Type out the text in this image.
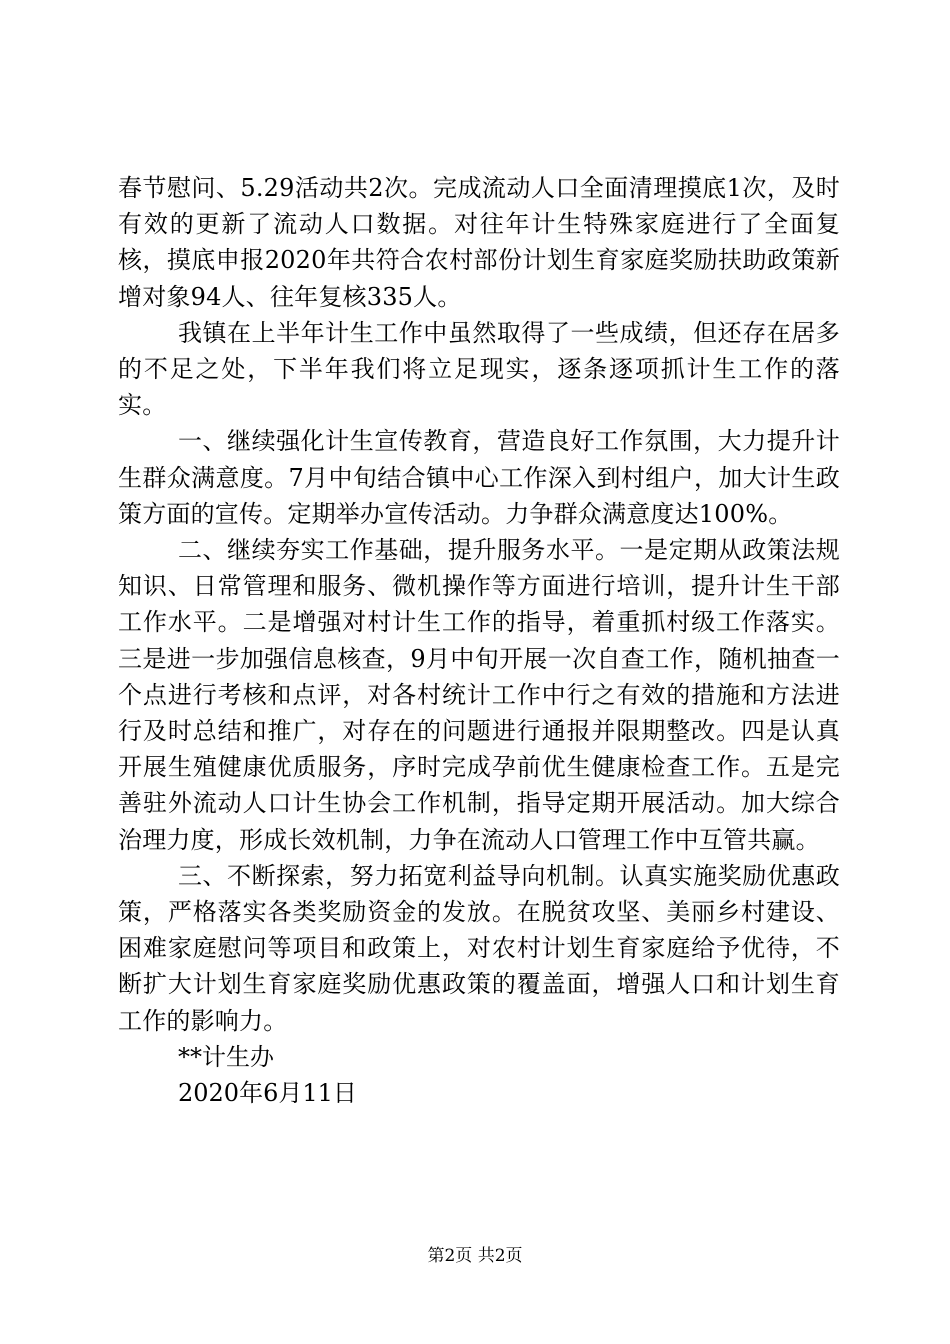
春节慰问、5.29活动共2次。完成流动人口全面清理摸底1次，及时有效的更新了流动人口数据。对往年计生特殊家庭进行了全面复核，摸底申报2020年共符合农村部份计划生育家庭奖励扶助政策新增对象94人、往年复核335人。

我镇在上半年计生工作中虽然取得了一些成绩，但还存在居多的不足之处，下半年我们将立足现实，逐条逐项抓计生工作的落实。

一、继续强化计生宣传教育，营造良好工作氛围，大力提升计生群众满意度。7月中旬结合镇中心工作深入到村组户，加大计生政策方面的宣传。定期举办宣传活动。力争群众满意度达100%。

二、继续夯实工作基础，提升服务水平。一是定期从政策法规知识、日常管理和服务、微机操作等方面进行培训，提升计生干部工作水平。二是增强对村计生工作的指导，着重抓村级工作落实。三是进一步加强信息核查，9月中旬开展一次自查工作，随机抽查一个点进行考核和点评，对各村统计工作中行之有效的措施和方法进行及时总结和推广，对存在的问题进行通报并限期整改。四是认真开展生殖健康优质服务，序时完成孕前优生健康检查工作。五是完善驻外流动人口计生协会工作机制，指导定期开展活动。加大综合治理力度，形成长效机制，力争在流动人口管理工作中互管共赢。

三、不断探索，努力拓宽利益导向机制。认真实施奖励优惠政策，严格落实各类奖励资金的发放。在脱贫攻坚、美丽乡村建设、困难家庭慰问等项目和政策上，对农村计划生育家庭给予优待，不断扩大计划生育家庭奖励优惠政策的覆盖面，增强人口和计划生育工作的影响力。

**计生办

2020年6月11日

第2页 共2页
